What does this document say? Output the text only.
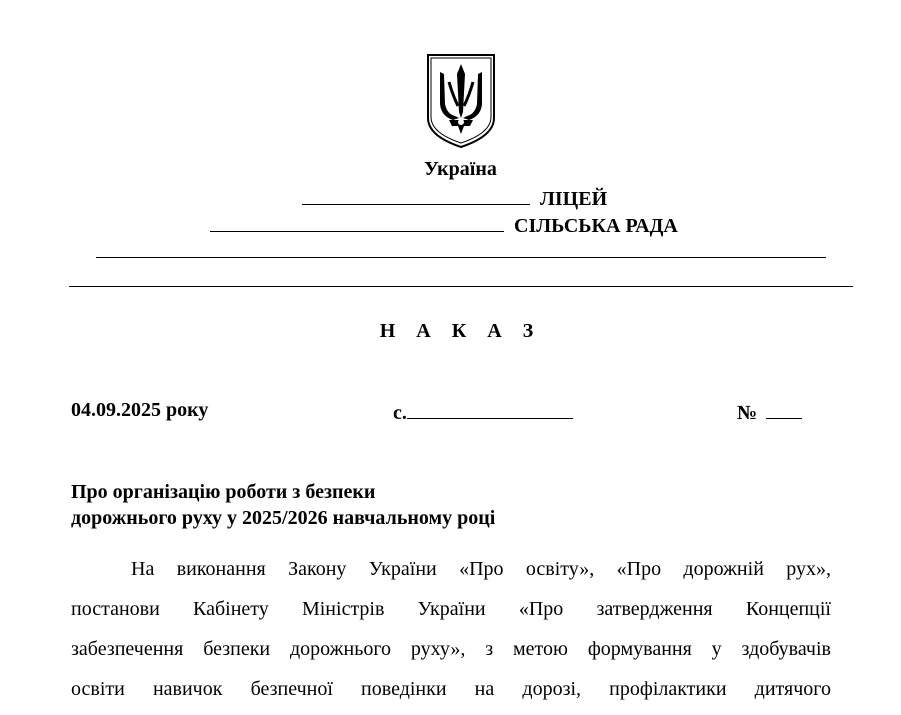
Україна
ЛІЦЕЙ
СІЛЬСЬКА РАДА
Н А К А З
04.09.2025 року	с.	№
Про організацію роботи з безпеки
дорожнього руху у 2025/2026 навчальному році
На виконання Закону України «Про освіту», «Про дорожній рух»,
постанови Кабінету Міністрів України «Про затвердження Концепції
забезпечення безпеки дорожнього руху», з метою формування у здобувачів
освіти навичок безпечної поведінки на дорозі, профілактики дитячого
